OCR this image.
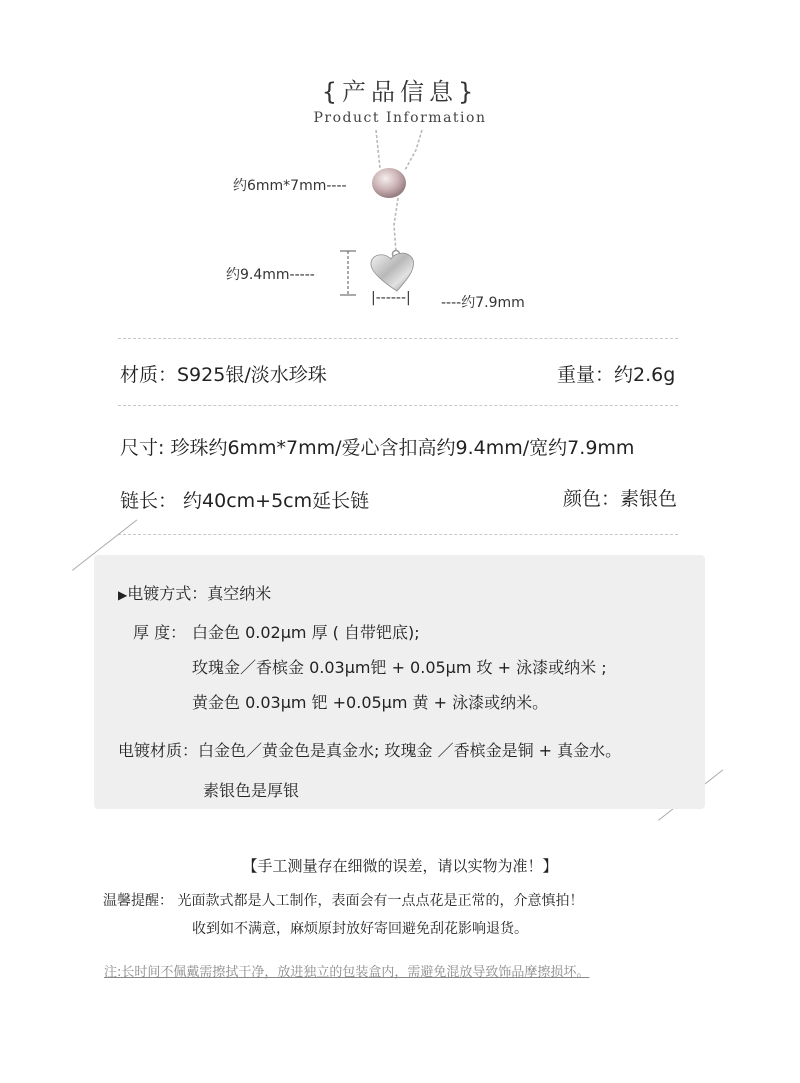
{产品信息}
Product Information
约6mm*7mm----
约9.4mm-----
|------| ----约7.9mm
材质：S925银/淡水珍珠	重量：约2.6g
尺寸: 珍珠约6mm*7mm/爱心含扣高约9.4mm/宽约7.9mm
链长： 约40cm+5cm延长链	颜色：素银色
▶电镀方式：真空纳米
厚 度： 白金色 0.02µm 厚 ( 自带钯底);
玫瑰金／香槟金 0.03µm钯 + 0.05µm 玫 + 泳漆或纳米 ;
黄金色 0.03µm 钯 +0.05µm 黄 + 泳漆或纳米。
电镀材质：白金色／黄金色是真金水; 玫瑰金 ／香槟金是铜 + 真金水。
素银色是厚银
【手工测量存在细微的误差，请以实物为准！】
温馨提醒： 光面款式都是人工制作，表面会有一点点花是正常的，介意慎拍！
收到如不满意，麻烦原封放好寄回避免刮花影响退货。
注:长时间不佩戴需擦拭干净，放进独立的包装盒内，需避免混放导致饰品摩擦损坏。
